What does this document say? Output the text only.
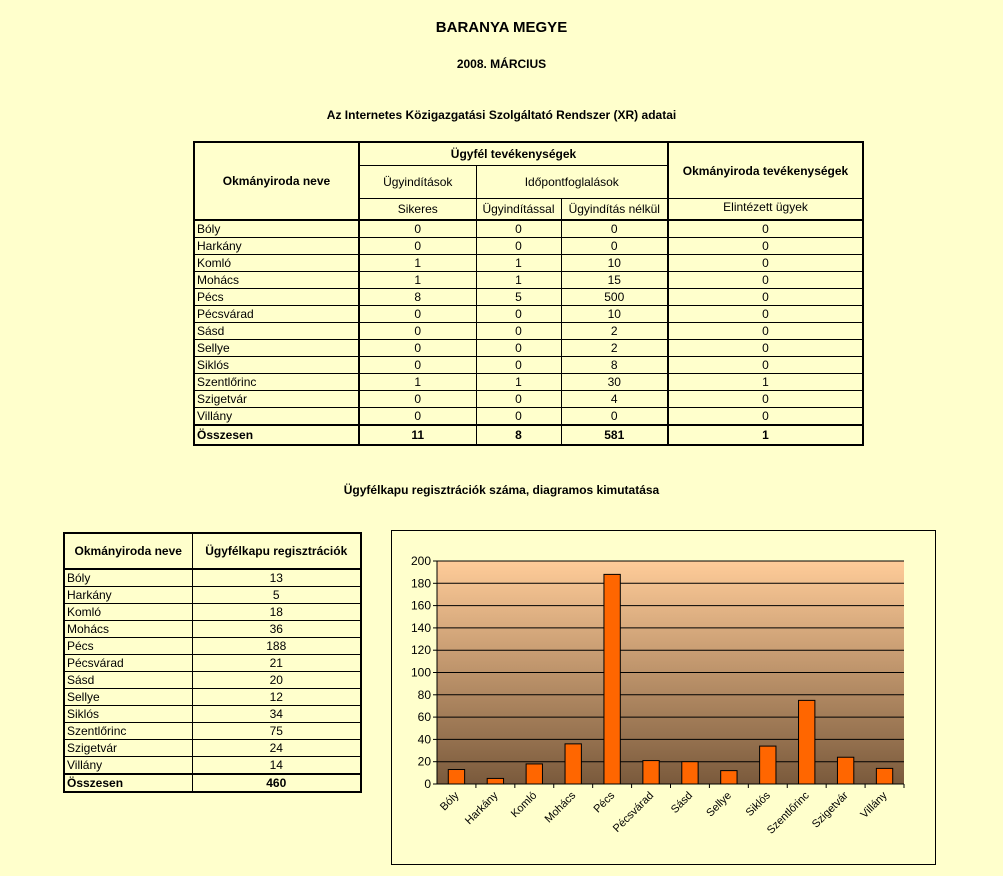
BARANYA MEGYE
2008. MÁRCIUS
Az Internetes Közigazgatási Szolgáltató Rendszer (XR) adatai
Okmányiroda neve	Ügyfél tevékenységek			Okmányiroda tevékenységek
	Ügyindítások	Időpontfoglalások		
	Sikeres	Ügyindítással	Ügyindítás nélkül	Elintézett ügyek
Bóly	0	0	0	0
Harkány	0	0	0	0
Komló	1	1	10	0
Mohács	1	1	15	0
Pécs	8	5	500	0
Pécsvárad	0	0	10	0
Sásd	0	0	2	0
Sellye	0	0	2	0
Siklós	0	0	8	0
Szentlőrinc	1	1	30	1
Szigetvár	0	0	4	0
Villány	0	0	0	0
Összesen	11	8	581	1
Ügyfélkapu regisztrációk száma, diagramos kimutatása
Okmányiroda neve	Ügyfélkapu regisztrációk
Bóly	13
Harkány	5
Komló	18
Mohács	36
Pécs	188
Pécsvárad	21
Sásd	20
Sellye	12
Siklós	34
Szentlőrinc	75
Szigetvár	24
Villány	14
Összesen	460	0
20
40
60
80
100
120
140
160
180
200
Bóly Harkány Komló Mohács Pécs
Pécsvárad Sásd Sellye Siklós
Szentlőrinc
Szigetvár Villány
